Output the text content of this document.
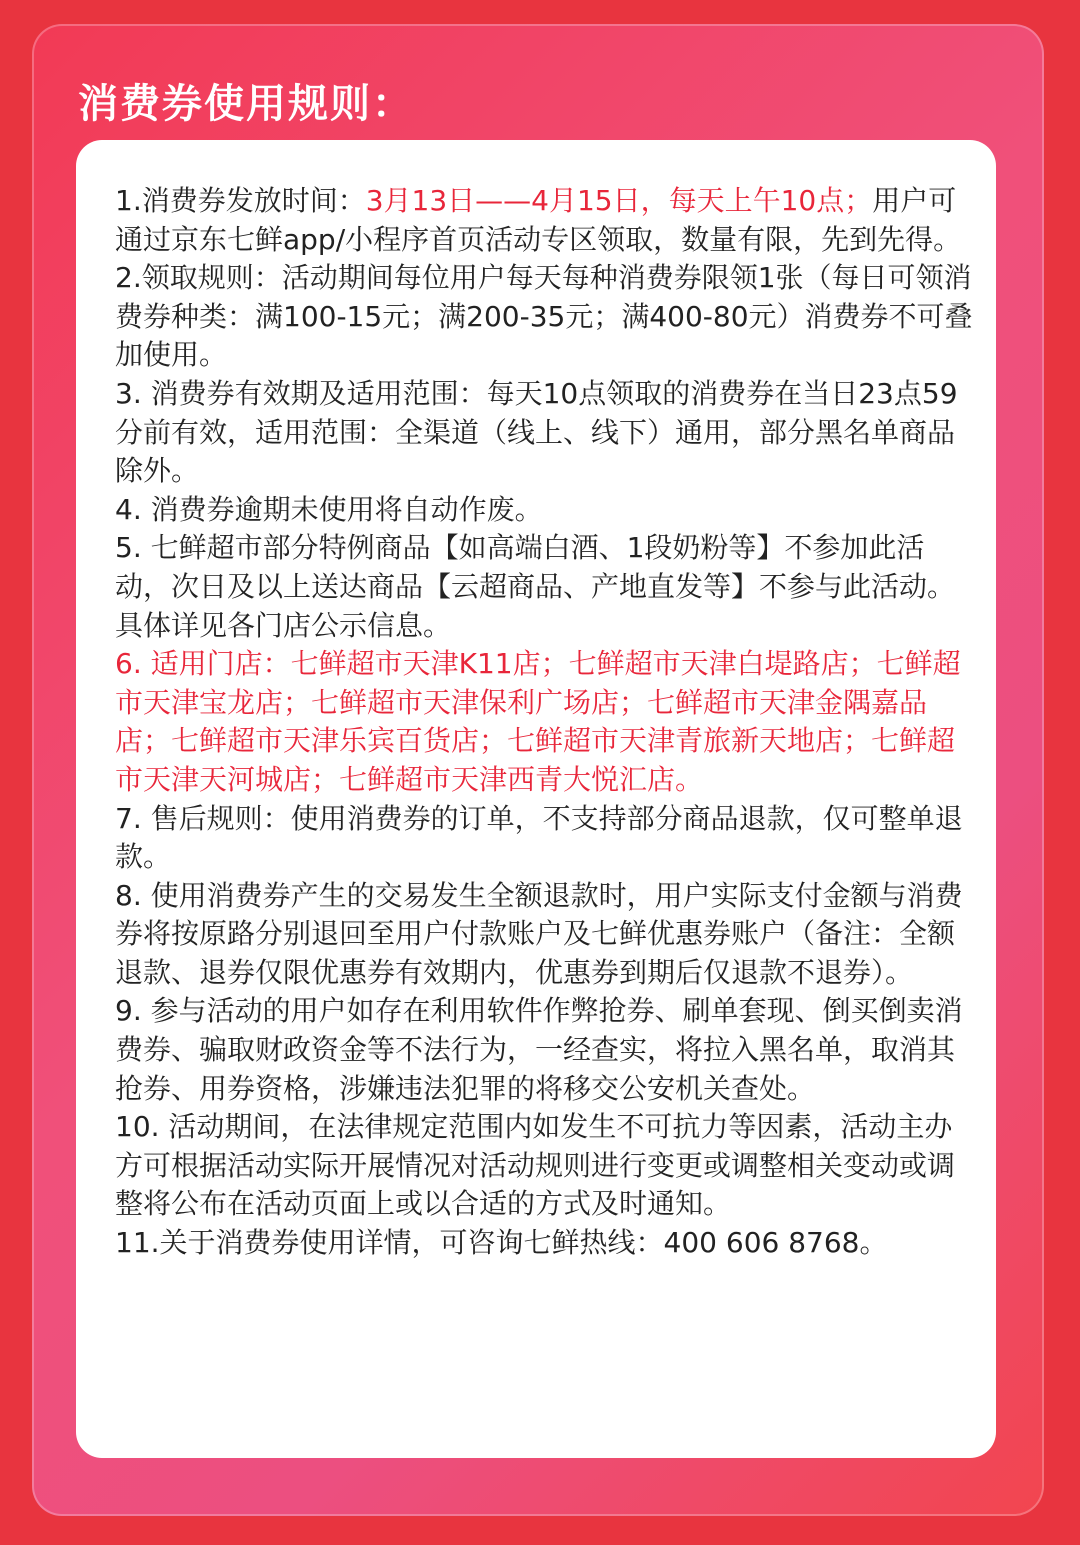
消费券使用规则：

1.消费券发放时间：3月13日——4月15日，每天上午10点；用户可通过京东七鲜app/小程序首页活动专区领取，数量有限，先到先得。

2.领取规则：活动期间每位用户每天每种消费券限领1张（每日可领消费券种类：满100-15元；满200-35元；满400-80元）消费券不可叠加使用。

3. 消费券有效期及适用范围：每天10点领取的消费券在当日23点59分前有效，适用范围：全渠道（线上、线下）通用，部分黑名单商品除外。

4. 消费券逾期未使用将自动作废。

5. 七鲜超市部分特例商品【如高端白酒、1段奶粉等】不参加此活动，次日及以上送达商品【云超商品、产地直发等】不参与此活动。具体详见各门店公示信息。

6. 适用门店：七鲜超市天津K11店；七鲜超市天津白堤路店；七鲜超市天津宝龙店；七鲜超市天津保利广场店；七鲜超市天津金隅嘉品店；七鲜超市天津乐宾百货店；七鲜超市天津青旅新天地店；七鲜超市天津天河城店；七鲜超市天津西青大悦汇店。

7. 售后规则：使用消费券的订单，不支持部分商品退款，仅可整单退款。

8. 使用消费券产生的交易发生全额退款时，用户实际支付金额与消费券将按原路分别退回至用户付款账户及七鲜优惠券账户（备注：全额退款、退券仅限优惠券有效期内，优惠券到期后仅退款不退券）。

9. 参与活动的用户如存在利用软件作弊抢券、刷单套现、倒买倒卖消费券、骗取财政资金等不法行为，一经查实，将拉入黑名单，取消其抢券、用券资格，涉嫌违法犯罪的将移交公安机关查处。

10. 活动期间，在法律规定范围内如发生不可抗力等因素，活动主办方可根据活动实际开展情况对活动规则进行变更或调整相关变动或调整将公布在活动页面上或以合适的方式及时通知。

11.关于消费券使用详情，可咨询七鲜热线：400 606 8768。
